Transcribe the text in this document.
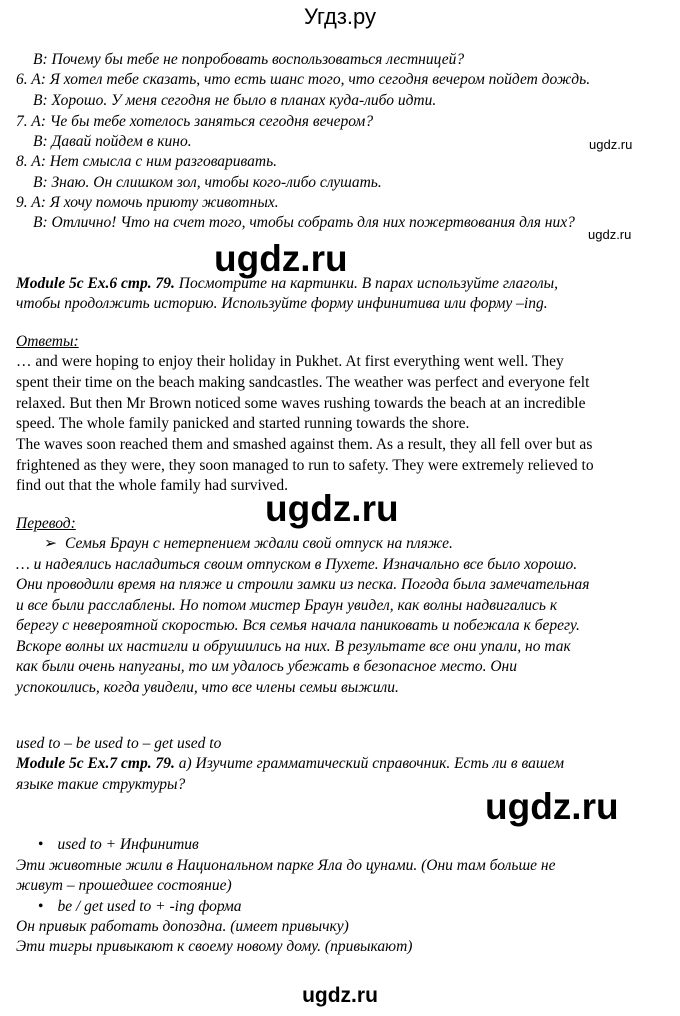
Угдз.ру
B: Почему бы тебе не попробовать воспользоваться лестницей?
6. A: Я хотел тебе сказать, что есть шанс того, что сегодня вечером пойдет дождь.
B: Хорошо. У меня сегодня не было в планах куда-либо идти.
7. A: Че бы тебе хотелось заняться сегодня вечером?
B: Давай пойдем в кино.	ugdz.ru
8. A: Нет смысла с ним разговаривать.
B: Знаю. Он слишком зол, чтобы кого-либо слушать.
9. A: Я хочу помочь приюту животных.
B: Отлично! Что на счет того, чтобы собрать для них пожертвования для них?
ugdz.ru
ugdz.ru
Module 5c Ex.6 стр. 79. Посмотрите на картинки. В парах используйте глаголы,
чтобы продолжить историю. Используйте форму инфинитива или форму –ing.
Ответы:
… and were hoping to enjoy their holiday in Pukhet. At first everything went well. They
spent their time on the beach making sandcastles. The weather was perfect and everyone felt
relaxed. But then Mr Brown noticed some waves rushing towards the beach at an incredible
speed. The whole family panicked and started running towards the shore.
The waves soon reached them and smashed against them. As a result, they all fell over but as
frightened as they were, they soon managed to run to safety. They were extremely relieved to
find out that the whole family had survived.
ugdz.ru
Перевод:
➢ Семья Браун с нетерпением ждали свой отпуск на пляже.
… и надеялись насладиться своим отпуском в Пухете. Изначально все было хорошо.
Они проводили время на пляже и строили замки из песка. Погода была замечательная
и все были расслаблены. Но потом мистер Браун увидел, как волны надвигались к
берегу с невероятной скоростью. Вся семья начала паниковать и побежала к берегу.
Вскоре волны их настигли и обрушились на них. В результате все они упали, но так
как были очень напуганы, то им удалось убежать в безопасное место. Они
успокоились, когда увидели, что все члены семьи выжили.
used to – be used to – get used to
Module 5c Ex.7 стр. 79. a) Изучите грамматический справочник. Есть ли в вашем
языке такие структуры?
ugdz.ru
• used to + Инфинитив
Эти животные жили в Национальном парке Яла до цунами. (Они там больше не
живут – прошедшее состояние)
• be / get used to + -ing форма
Он привык работать допоздна. (имеет привычку)
Эти тигры привыкают к своему новому дому. (привыкают)
ugdz.ru
